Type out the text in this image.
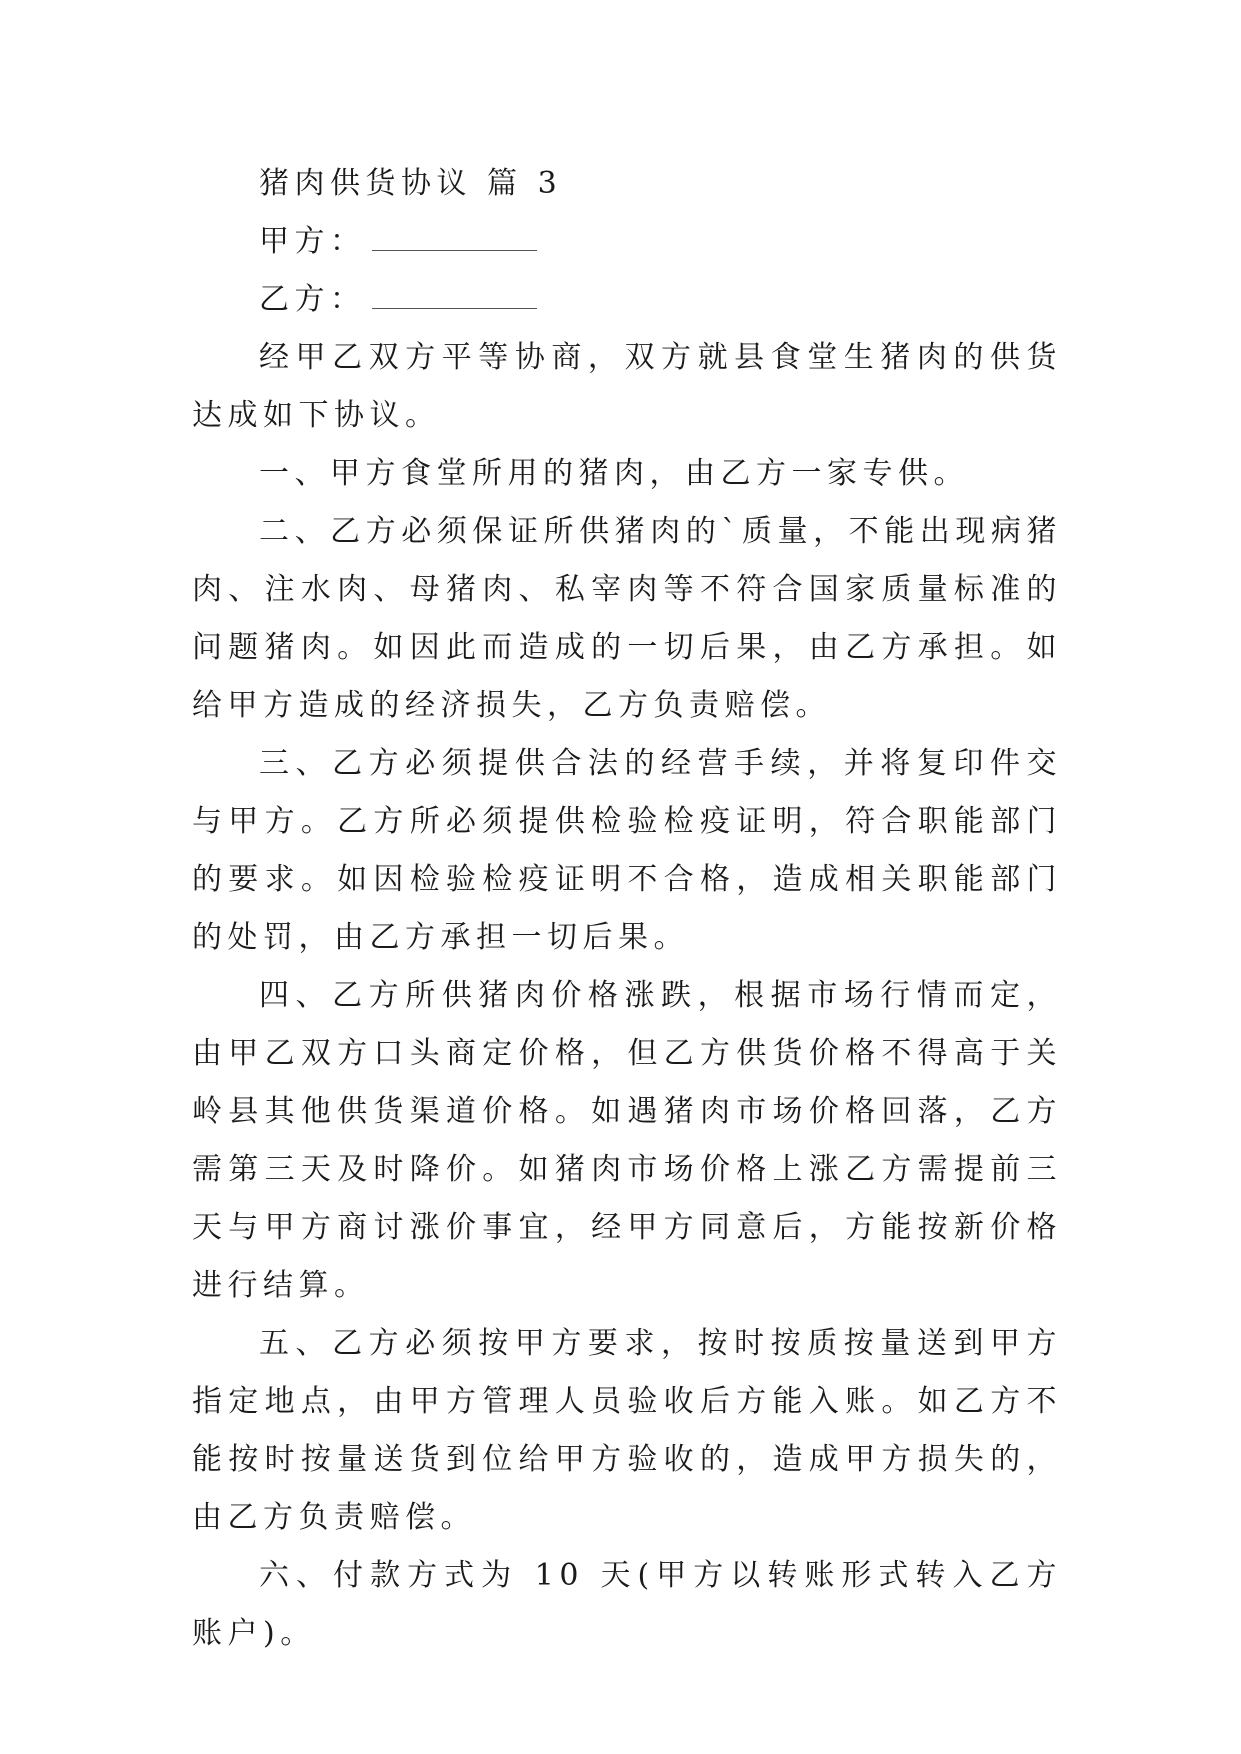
猪肉供货协议 篇 3

甲方：

乙方：

经甲乙双方平等协商，双方就县食堂生猪肉的供货达成如下协议。

一、甲方食堂所用的猪肉，由乙方一家专供。

二、乙方必须保证所供猪肉的`质量，不能出现病猪肉、注水肉、母猪肉、私宰肉等不符合国家质量标准的问题猪肉。如因此而造成的一切后果，由乙方承担。如给甲方造成的经济损失，乙方负责赔偿。

三、乙方必须提供合法的经营手续，并将复印件交与甲方。乙方所必须提供检验检疫证明，符合职能部门的要求。如因检验检疫证明不合格，造成相关职能部门的处罚，由乙方承担一切后果。

四、乙方所供猪肉价格涨跌，根据市场行情而定，由甲乙双方口头商定价格，但乙方供货价格不得高于关岭县其他供货渠道价格。如遇猪肉市场价格回落，乙方需第三天及时降价。如猪肉市场价格上涨乙方需提前三天与甲方商讨涨价事宜，经甲方同意后，方能按新价格进行结算。

五、乙方必须按甲方要求，按时按质按量送到甲方指定地点，由甲方管理人员验收后方能入账。如乙方不能按时按量送货到位给甲方验收的，造成甲方损失的，由乙方负责赔偿。

六、付款方式为 10 天(甲方以转账形式转入乙方账户)。
